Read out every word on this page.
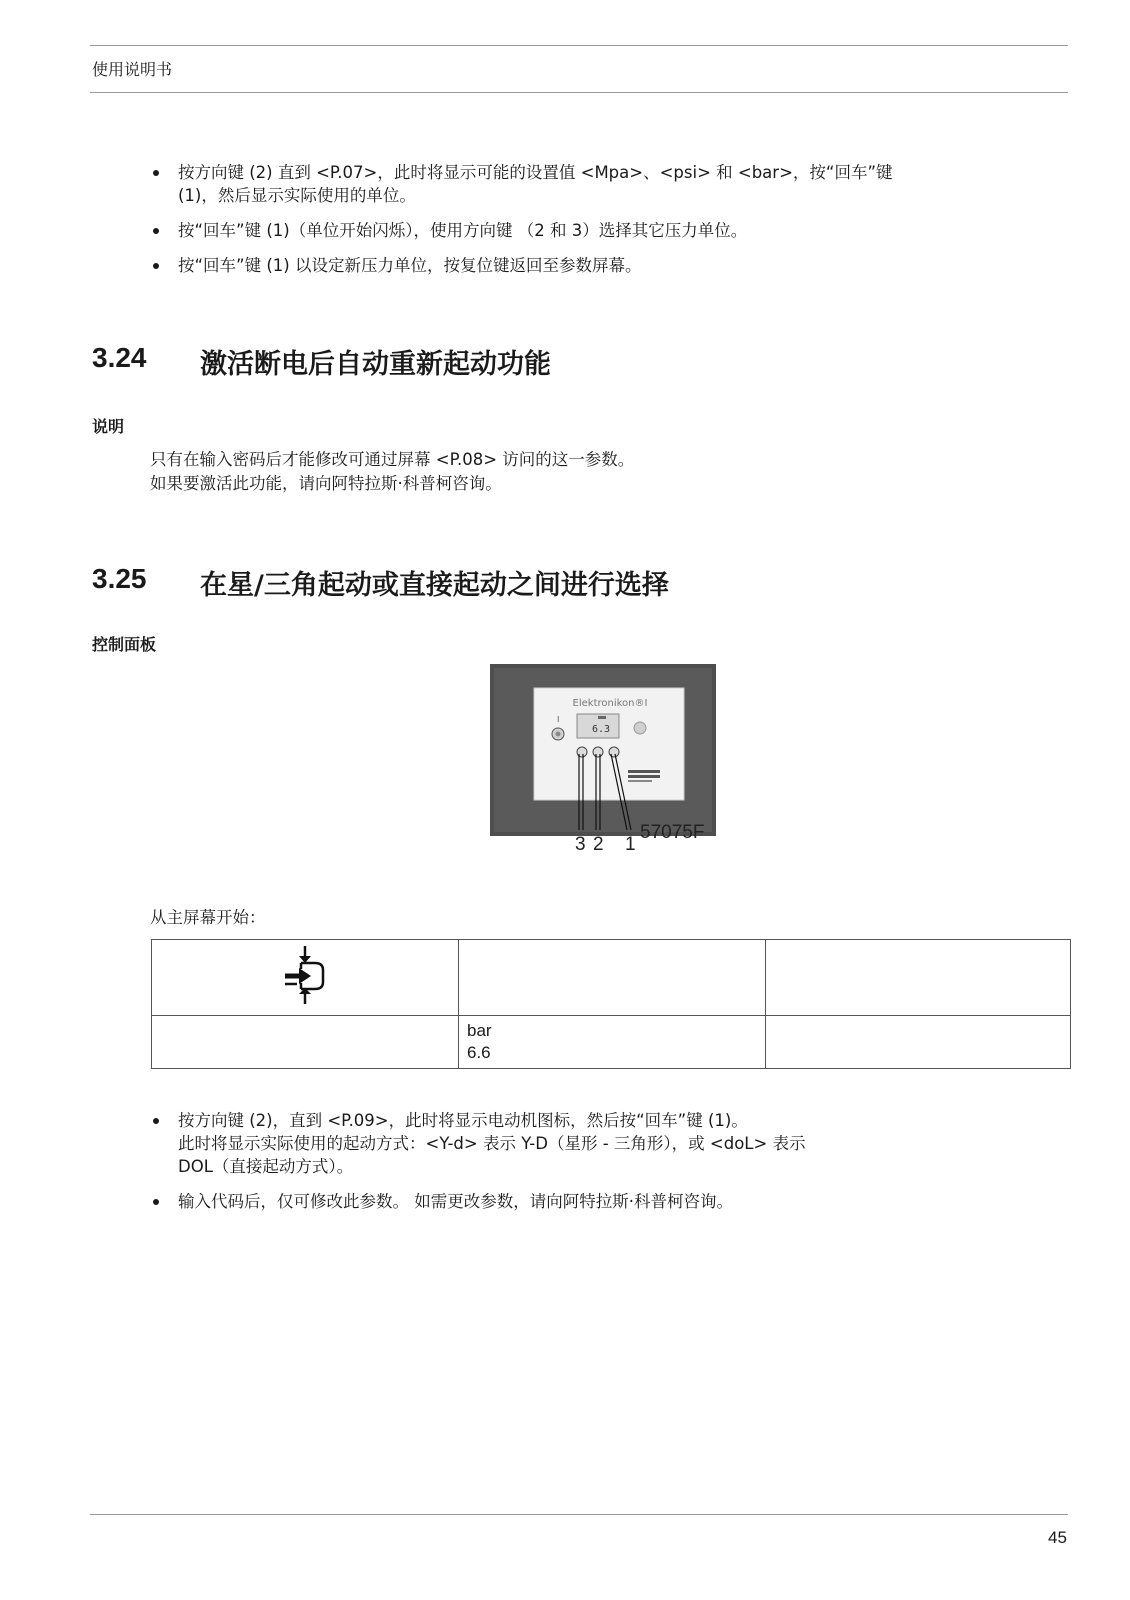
使用说明书
按方向键 (2) 直到 <P.07>，此时将显示可能的设置值 <Mpa>、<psi> 和 <bar>，按“回车”键
(1)，然后显示实际使用的单位。
按“回车”键 (1)（单位开始闪烁），使用方向键 （2 和 3）选择其它压力单位。
按“回车”键 (1) 以设定新压力单位，按复位键返回至参数屏幕。
3.24 激活断电后自动重新起动功能
说明
只有在输入密码后才能修改可通过屏幕 <P.08> 访问的这一参数。
如果要激活此功能，请向阿特拉斯·科普柯咨询。
3.25 在星/三角起动或直接起动之间进行选择
控制面板
Elektronikon®I
6.3
I
3 2 1
57075F
从主屏幕开始：

	bar
6.6	

按方向键 (2)，直到 <P.09>，此时将显示电动机图标，然后按“回车”键 (1)。
此时将显示实际使用的起动方式：<Y-d> 表示 Y-D（星形 - 三角形），或 <doL> 表示
DOL（直接起动方式）。
输入代码后，仅可修改此参数。 如需更改参数，请向阿特拉斯·科普柯咨询。
45
